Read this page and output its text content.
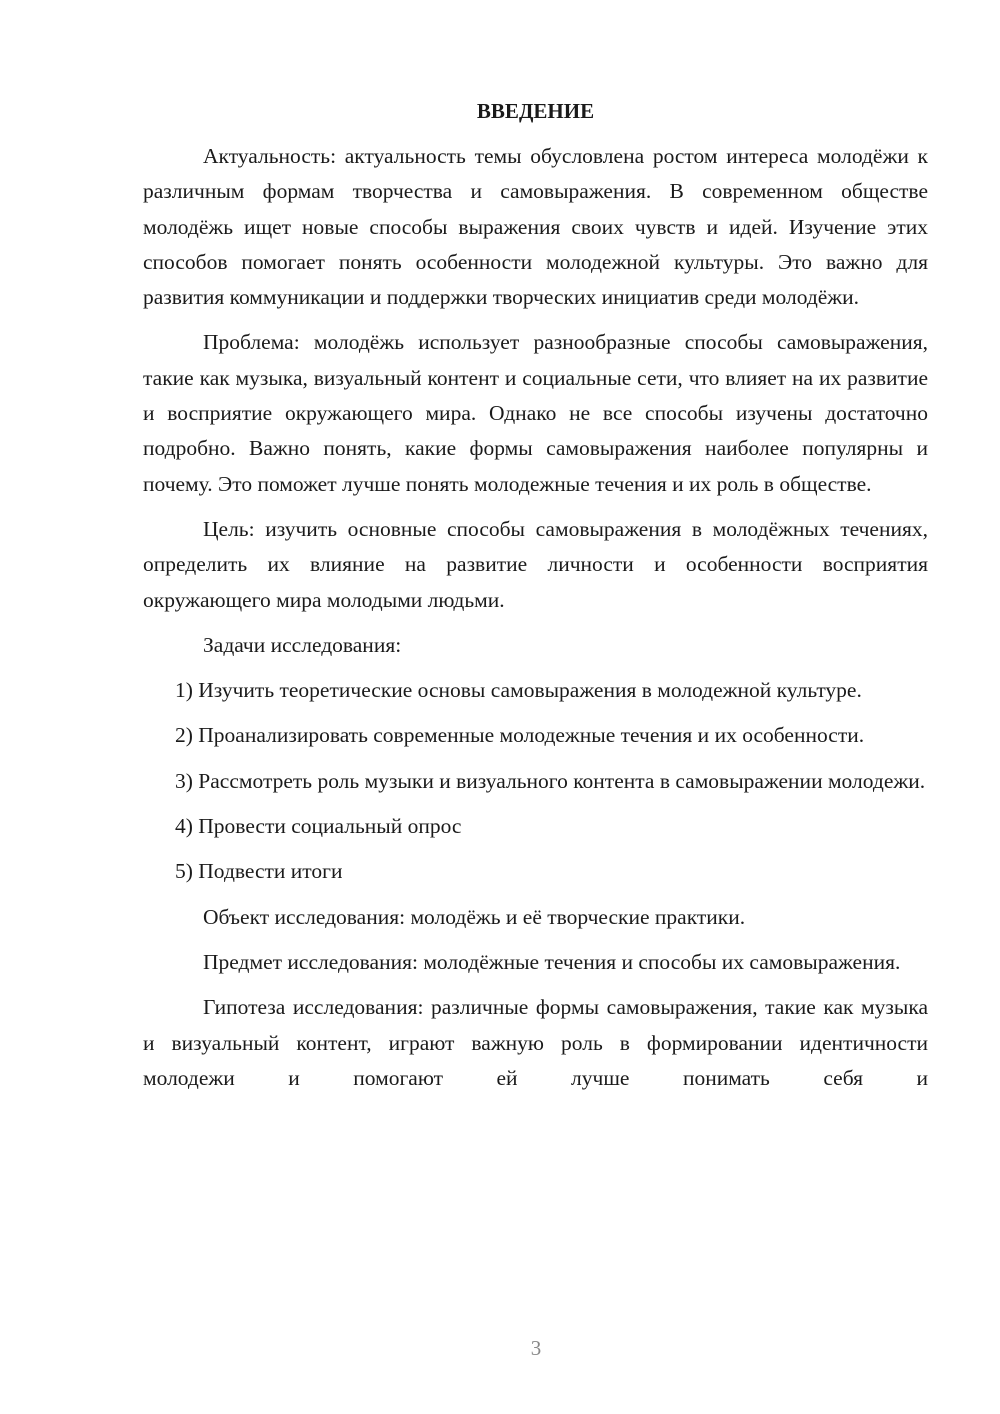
ВВЕДЕНИЕ

Актуальность: актуальность темы обусловлена ростом интереса молодёжи к различным формам творчества и самовыражения. В современном обществе молодёжь ищет новые способы выражения своих чувств и идей. Изучение этих способов помогает понять особенности молодежной культуры. Это важно для развития коммуникации и поддержки творческих инициатив среди молодёжи.

Проблема: молодёжь использует разнообразные способы самовыражения, такие как музыка, визуальный контент и социальные сети, что влияет на их развитие и восприятие окружающего мира. Однако не все способы изучены достаточно подробно. Важно понять, какие формы самовыражения наиболее популярны и почему. Это поможет лучше понять молодежные течения и их роль в обществе.

Цель: изучить основные способы самовыражения в молодёжных течениях, определить их влияние на развитие личности и особенности восприятия окружающего мира молодыми людьми.

Задачи исследования:

1) Изучить теоретические основы самовыражения в молодежной культуре.

2) Проанализировать современные молодежные течения и их особенности.

3) Рассмотреть роль музыки и визуального контента в самовыражении молодежи.

4) Провести социальный опрос

5) Подвести итоги

Объект исследования: молодёжь и её творческие практики.

Предмет исследования: молодёжные течения и способы их самовыражения.

Гипотеза исследования: различные формы самовыражения, такие как музыка и визуальный контент, играют важную роль в формировании идентичности молодежи и помогают ей лучше понимать себя и

3
